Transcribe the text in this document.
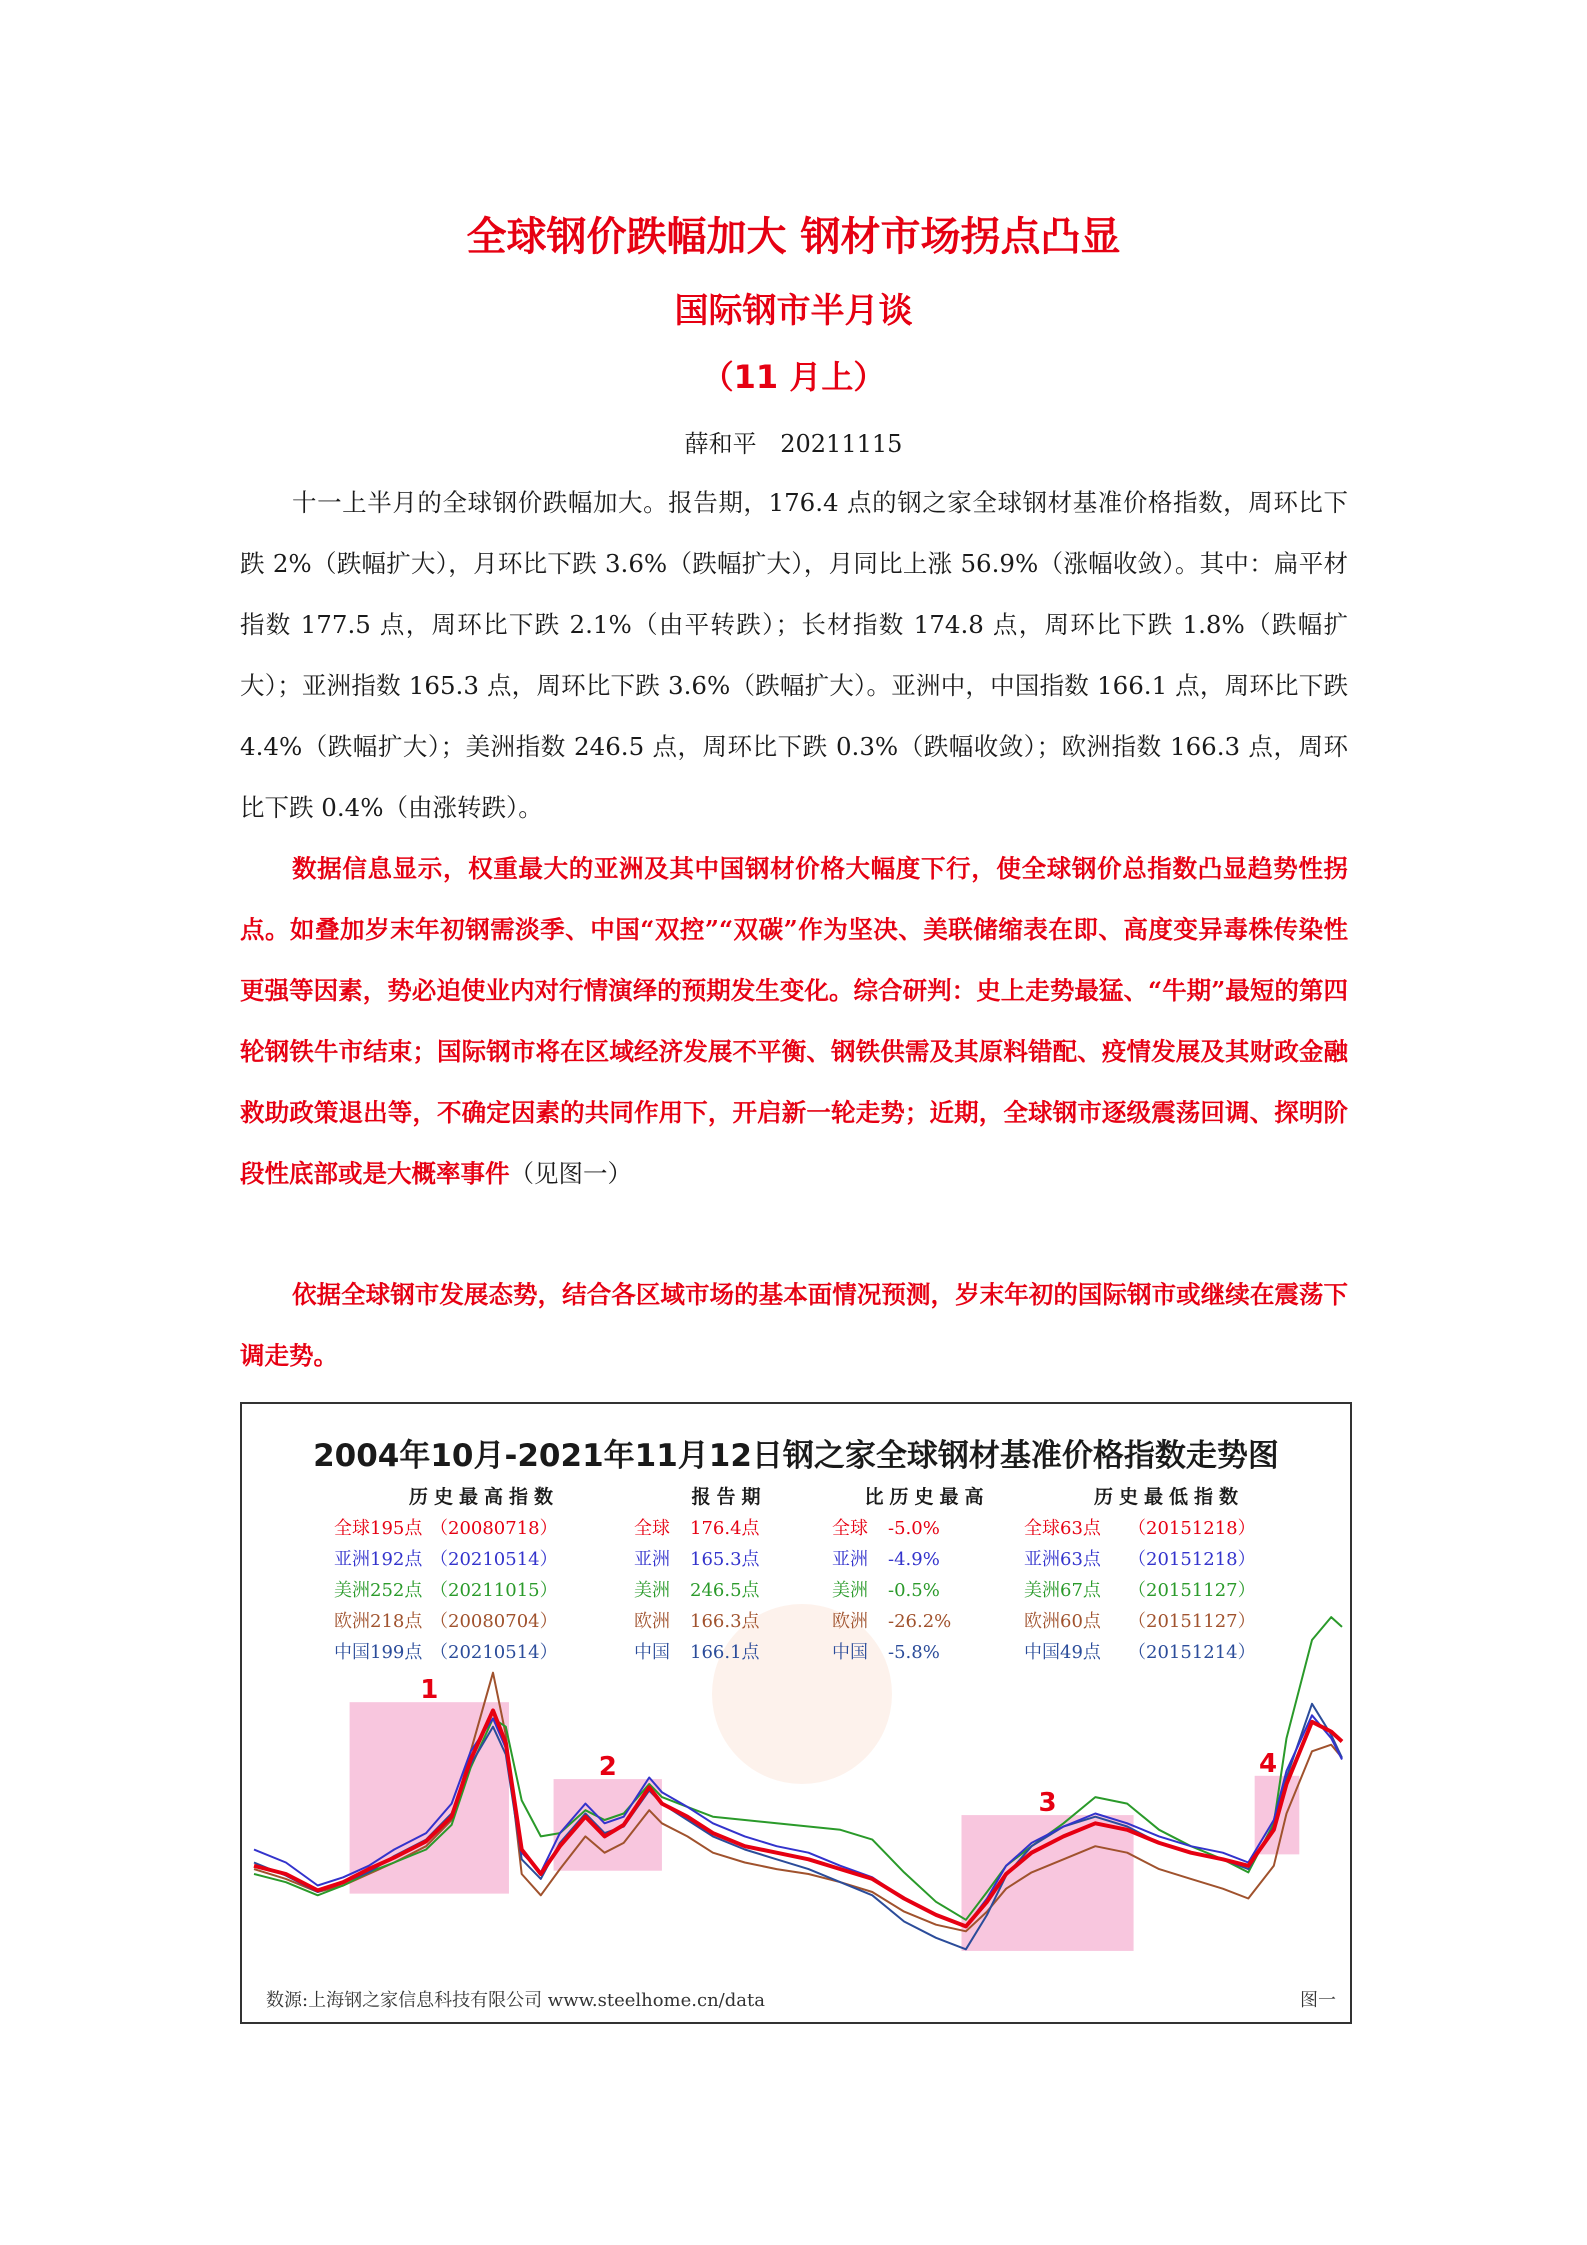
全球钢价跌幅加大 钢材市场拐点凸显
国际钢市半月谈
（11 月上）
薛和平 20211115

十一上半月的全球钢价跌幅加大。报告期，176.4 点的钢之家全球钢材基准价格指数，周环比下跌 2%（跌幅扩大），月环比下跌 3.6%（跌幅扩大），月同比上涨 56.9%（涨幅收敛）。其中：扁平材指数 177.5 点，周环比下跌 2.1%（由平转跌）；长材指数 174.8 点，周环比下跌 1.8%（跌幅扩大）；亚洲指数 165.3 点，周环比下跌 3.6%（跌幅扩大）。亚洲中，中国指数 166.1 点，周环比下跌 4.4%（跌幅扩大）；美洲指数 246.5 点，周环比下跌 0.3%（跌幅收敛）；欧洲指数 166.3 点，周环比下跌 0.4%（由涨转跌）。

数据信息显示，权重最大的亚洲及其中国钢材价格大幅度下行，使全球钢价总指数凸显趋势性拐点。如叠加岁末年初钢需淡季、中国“双控”“双碳”作为坚决、美联储缩表在即、高度变异毒株传染性更强等因素，势必迫使业内对行情演绎的预期发生变化。综合研判：史上走势最猛、“牛期”最短的第四轮钢铁牛市结束；国际钢市将在区域经济发展不平衡、钢铁供需及其原料错配、疫情发展及其财政金融救助政策退出等，不确定因素的共同作用下，开启新一轮走势；近期，全球钢市逐级震荡回调、探明阶段性底部或是大概率事件（见图一）

依据全球钢市发展态势，结合各区域市场的基本面情况预测，岁末年初的国际钢市或继续在震荡下调走势。

1
2
3
4
2004年10月-2021年11月12日钢之家全球钢材基准价格指数走势图
历史最高指数
全球195点 （20080718）
亚洲192点 （20210514）
美洲252点 （20211015）
欧洲218点 （20080704）
中国199点 （20210514）
报告期
全球 176.4点
亚洲 165.3点
美洲 246.5点
欧洲 166.3点
中国 166.1点
比历史最高
全球 -5.0%
亚洲 -4.9%
美洲 -0.5%
欧洲 -26.2%
中国 -5.8%
历史最低指数
全球63点 （20151218）
亚洲63点 （20151218）
美洲67点 （20151127）
欧洲60点 （20151127）
中国49点 （20151214）
数源:上海钢之家信息科技有限公司 www.steelhome.cn/data	图一
